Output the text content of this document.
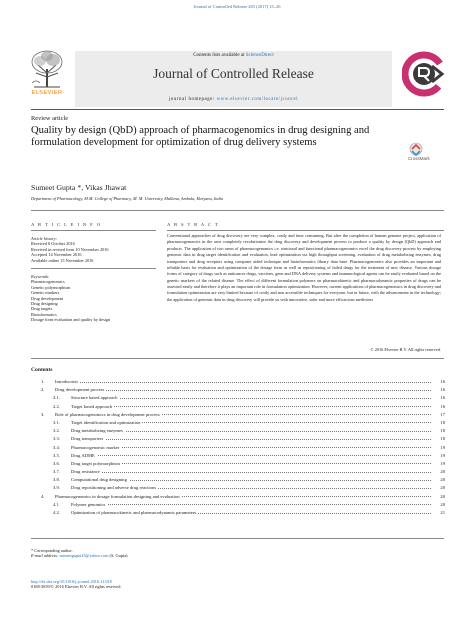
Journal of Controlled Release 265 (2017) 15–26
ELSEVIER
Contents lists available at ScienceDirect
Journal of Controlled Release
journal homepage: www.elsevier.com/locate/jconrel
Review article
Quality by design (QbD) approach of pharmacogenomics in drug designing and formulation development for optimization of drug delivery systems
CrossMark
Sumeet Gupta *, Vikas Jhawat
Department of Pharmacology, M.M. College of Pharmacy, M. M. University, Mullana, Ambala, Haryana, India
A R T I C L E I N F O
Article history:
Received 6 October 2016
Received in revised form 10 November 2016
Accepted 14 November 2016
Available online 15 November 2016
Keywords:
Pharmacogenomics
Genetic polymorphism
Genetic markers
Drug development
Drug designing
Drug targets
Bioinformatics
Dosage form evaluation and quality by design
A B S T R A C T
Conventional approaches of drug discovery are very complex, costly and time consuming. But after the completion of human genome project, application of pharmacogenomics in the area completely revolutionize the drug discovery and development process to produce a quality by design (QbD) approach end products. The application of two areas of pharmacogenomics i.e. structural and functional pharmacogenomics excel the drug discovery process by employing genomic data in drug target identification and evaluation, lead optimization via high throughput screening, evaluation of drug metabolizing enzymes, drug transporters and drug receptors using computer aided technique and bioinformatics library data base. Pharmacogenomics also provides an important and reliable basis for evaluation and optimization of the dosage form as well as repositioning of failed drugs for the treatment of new disease. Various dosage forms of category of drugs such as anticancer drugs, vaccines, gene and DNA delivery systems and immunological agents can be easily evaluated based on the genetic markers of the related disease. The effect of different formulation polymers on pharmacokinetic and pharmacodynamic properties of drugs can be assessed easily and therefore it plays an important role in formulation optimization. However, current applications of pharmacogenomics in drug discovery and formulation optimization are very limited because of costly and non accessible techniques for everyone, but in future, with the advancement in the technology; the application of genomic data in drug discovery will provide us with innovative, safer and more efficacious medicines
© 2016 Elsevier B.V. All rights reserved.
Contents
1. Introduction	16
2. Drug development process	16
2.1. Structure based approach	16
2.2. Target based approach	16
3. Role of pharmacogenomics in drug development process	17
3.1. Target identification and optimization	18
3.2. Drug metabolizing enzymes	18
3.3. Drug transporters	18
3.4. Pharmacogenomic marker	19
3.5. Drug ADME	19
3.6. Drug target polymorphism	19
3.7. Drug resistance	20
3.8. Computational drug designing	20
3.9. Drug repositioning and adverse drug reactions	20
4. Pharmacogenomics in dosage formulation designing and evaluation	20
4.1. Polymer genomics	20
4.2. Optimization of pharmacokinetic and pharmacodynamic parameters	21
* Corresponding author.
E-mail address: sumeetgupta25@yahoo.com (S. Gupta).
http://dx.doi.org/10.1016/j.jconrel.2016.11.018
0168-3659/© 2016 Elsevier B.V. All rights reserved.
